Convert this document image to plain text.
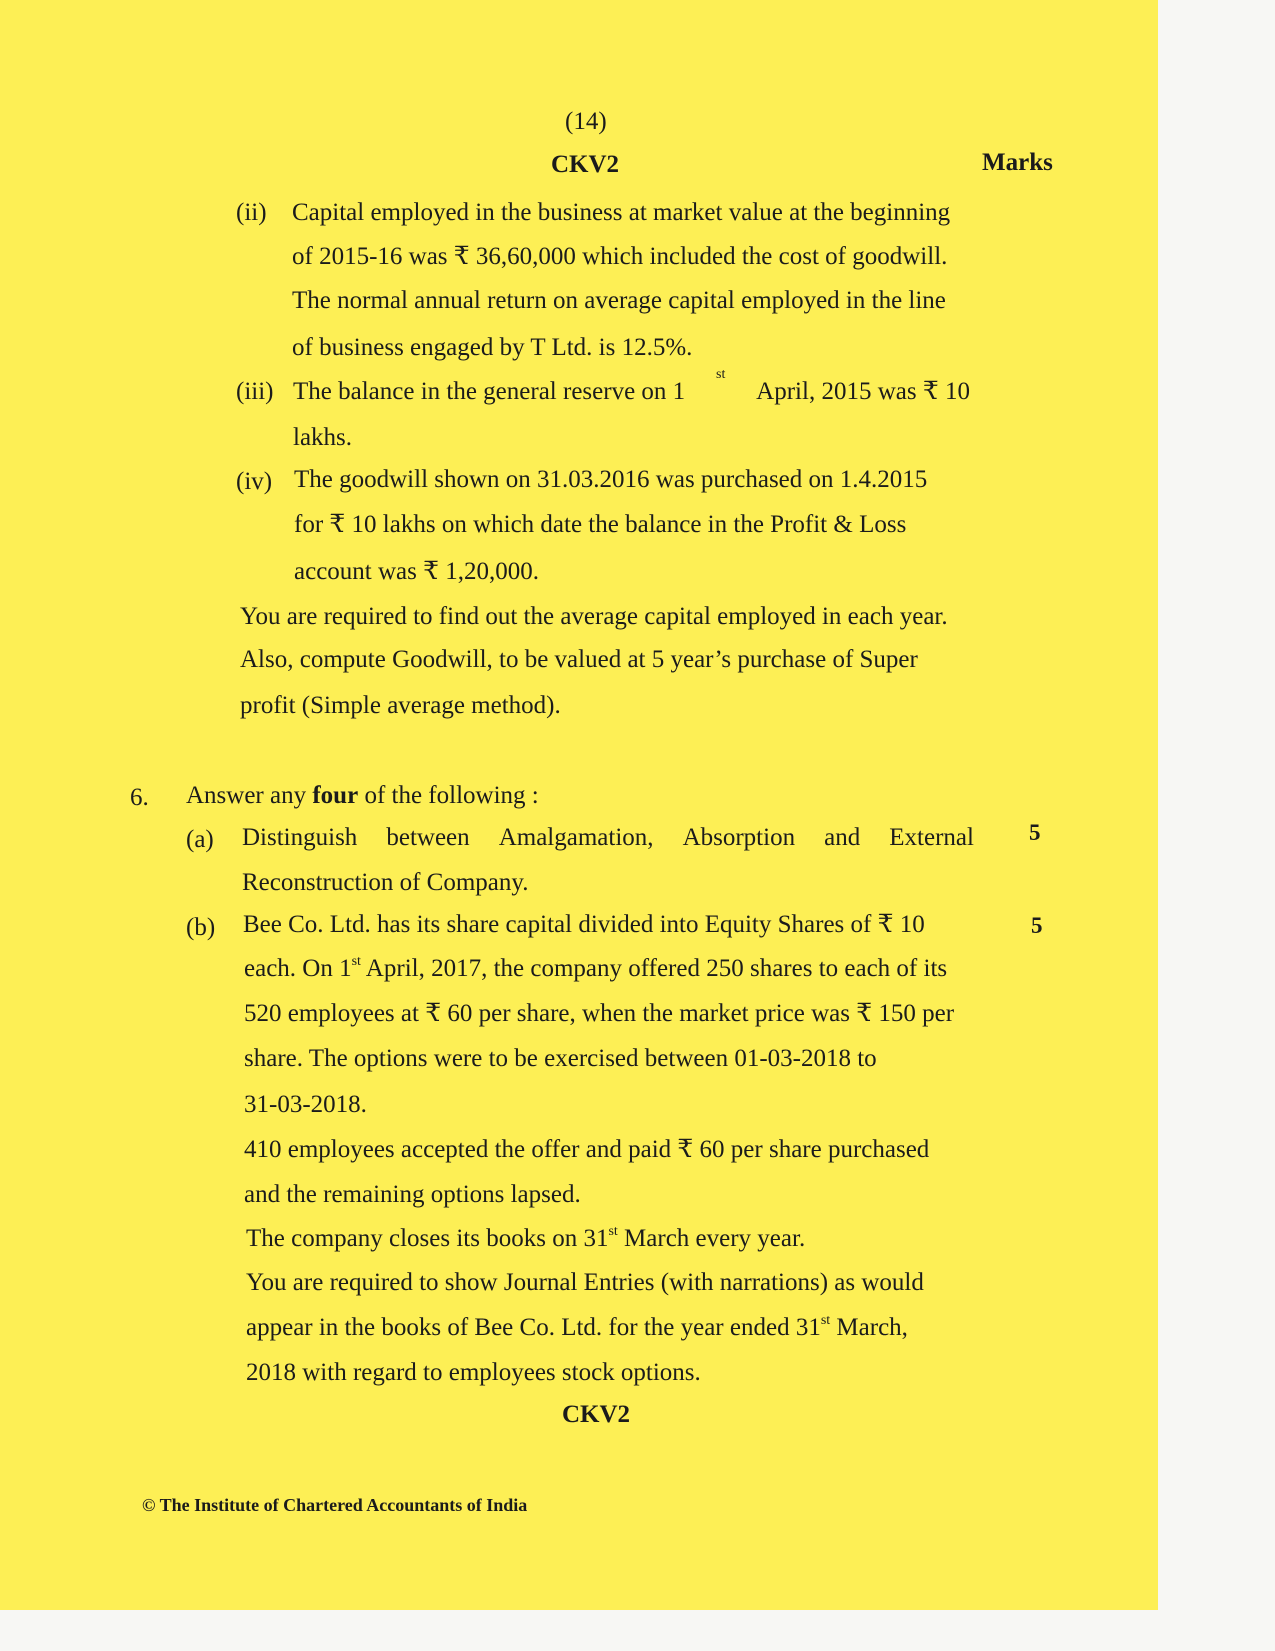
(14)
CKV2	Marks
(ii) Capital employed in the business at market value at the beginning
of 2015-16 was ₹ 36,60,000 which included the cost of goodwill.
The normal annual return on average capital employed in the line
of business engaged by T Ltd. is 12.5%.
(iii) The balance in the general reserve on 1
$^{st}$
April, 2015 was ₹ 10
lakhs.
(iv) The goodwill shown on 31.03.2016 was purchased on 1.4.2015
for ₹ 10 lakhs on which date the balance in the Profit & Loss
account was ₹ 1,20,000.
You are required to find out the average capital employed in each year.
Also, compute Goodwill, to be valued at 5 year’s purchase of Super
profit (Simple average method).
6. Answer any four of the following :
(a) Distinguish between Amalgamation, Absorption and External
Reconstruction of Company.
5
(b) Bee Co. Ltd. has its share capital divided into Equity Shares of ₹ 10	5
each. On 1st April, 2017, the company offered 250 shares to each of its
520 employees at ₹ 60 per share, when the market price was ₹ 150 per
share. The options were to be exercised between 01-03-2018 to
31-03-2018.
410 employees accepted the offer and paid ₹ 60 per share purchased
and the remaining options lapsed.
The company closes its books on 31st March every year.
You are required to show Journal Entries (with narrations) as would
appear in the books of Bee Co. Ltd. for the year ended 31st March,
2018 with regard to employees stock options.
CKV2
© The Institute of Chartered Accountants of India
